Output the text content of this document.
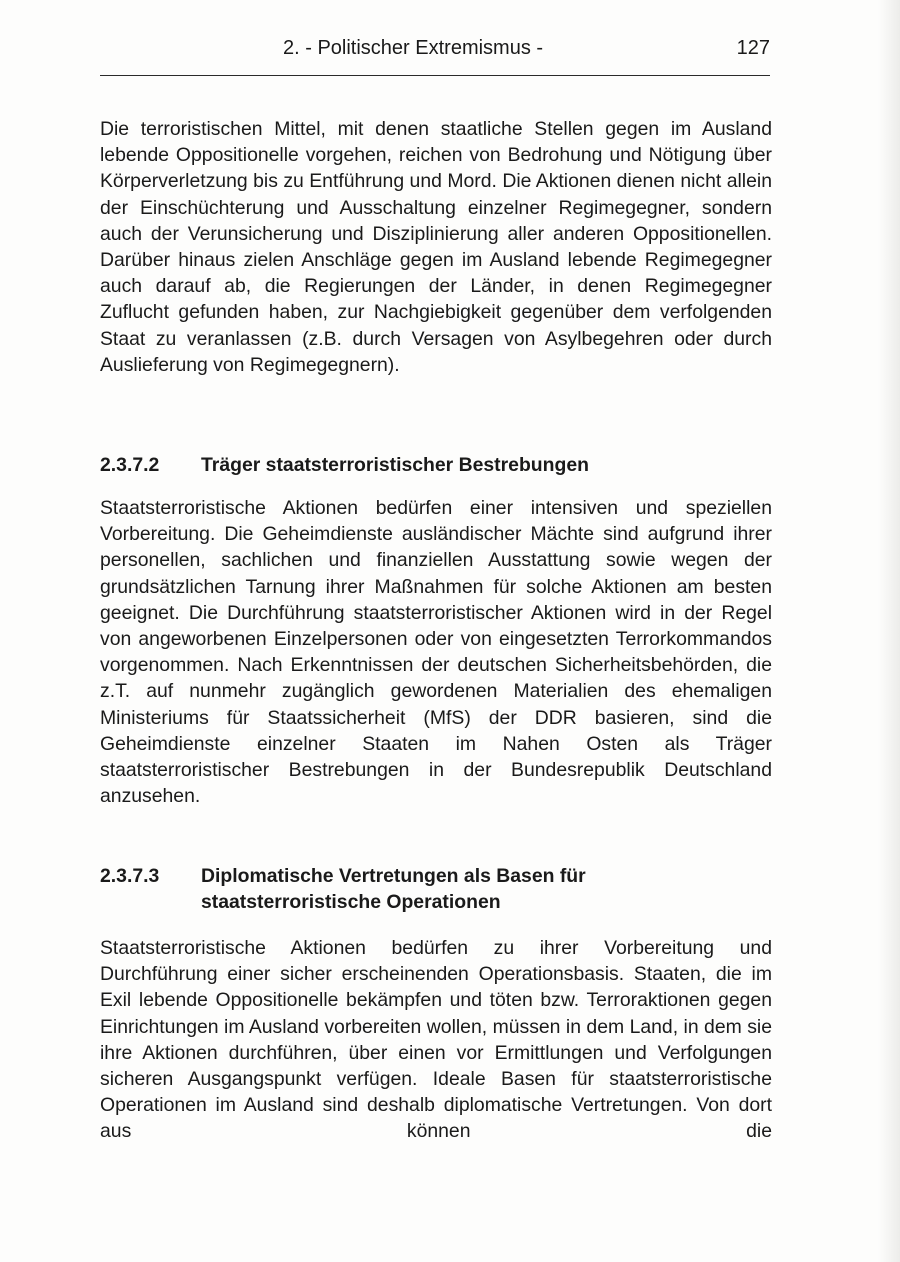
2. - Politischer Extremismus -	127

Die terroristischen Mittel, mit denen staatliche Stellen gegen im Ausland lebende Oppositionelle vorgehen, reichen von Bedrohung und Nötigung über Körperverletzung bis zu Entführung und Mord. Die Aktionen dienen nicht allein der Einschüchterung und Ausschaltung einzelner Regimegegner, sondern auch der Verunsicherung und Disziplinierung aller anderen Oppositionellen. Darüber hinaus zielen Anschläge gegen im Ausland lebende Regimegegner auch darauf ab, die Regierungen der Länder, in denen Regimegegner Zuflucht gefunden haben, zur Nachgiebigkeit gegenüber dem verfolgenden Staat zu veranlassen (z.B. durch Versagen von Asylbegehren oder durch Auslieferung von Regimegegnern).

2.3.7.2 Träger staatsterroristischer Bestrebungen

Staatsterroristische Aktionen bedürfen einer intensiven und speziellen Vorbereitung. Die Geheimdienste ausländischer Mächte sind aufgrund ihrer personellen, sachlichen und finanziellen Ausstattung sowie wegen der grundsätzlichen Tarnung ihrer Maßnahmen für solche Aktionen am besten geeignet. Die Durchführung staatsterroristischer Aktionen wird in der Regel von angeworbenen Einzelpersonen oder von eingesetzten Terrorkommandos vorgenommen. Nach Erkenntnissen der deutschen Sicherheitsbehörden, die z.T. auf nunmehr zugänglich gewordenen Materialien des ehemaligen Ministeriums für Staatssicherheit (MfS) der DDR basieren, sind die Geheimdienste einzelner Staaten im Nahen Osten als Träger staatsterroristischer Bestrebungen in der Bundesrepublik Deutschland anzusehen.

2.3.7.3 Diplomatische Vertretungen als Basen für staatsterroristische Operationen

Staatsterroristische Aktionen bedürfen zu ihrer Vorbereitung und Durchführung einer sicher erscheinenden Operationsbasis. Staaten, die im Exil lebende Oppositionelle bekämpfen und töten bzw. Terroraktionen gegen Einrichtungen im Ausland vorbereiten wollen, müssen in dem Land, in dem sie ihre Aktionen durchführen, über einen vor Ermittlungen und Verfolgungen sicheren Ausgangspunkt verfügen. Ideale Basen für staatsterroristische Operationen im Ausland sind deshalb diplomatische Vertretungen. Von dort aus können die
